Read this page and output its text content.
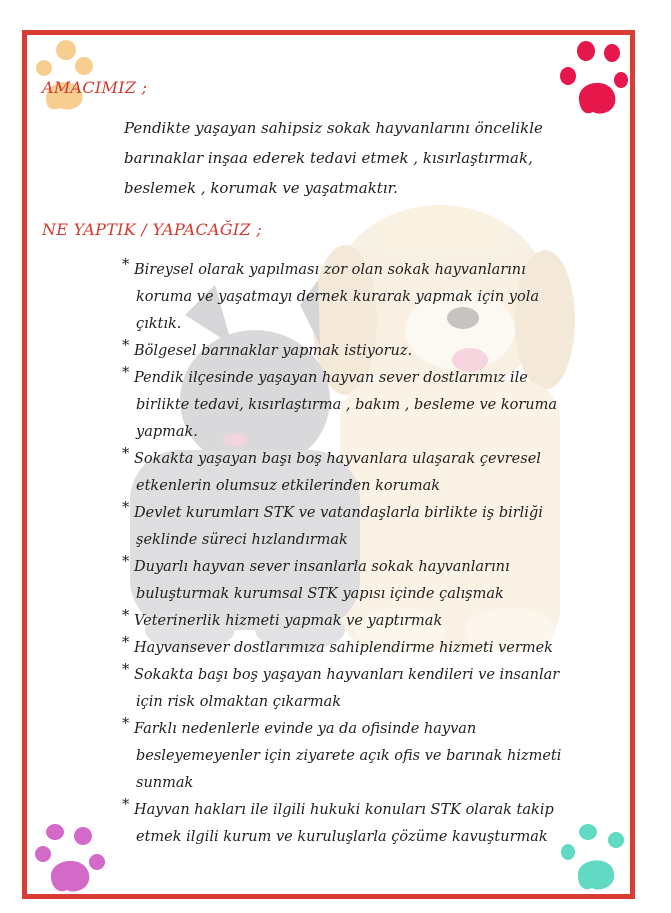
AMACIMIZ ;

Pendikte yaşayan sahipsiz sokak hayvanlarını öncelikle
barınaklar inşaa ederek tedavi etmek , kısırlaştırmak,
beslemek , korumak ve yaşatmaktır.

NE YAPTIK / YAPACAĞIZ ;
* Bireysel olarak yapılması zor olan sokak hayvanlarını
koruma ve yaşatmayı dernek kurarak yapmak için yola
çıktık.
* Bölgesel barınaklar yapmak istiyoruz.
* Pendik ilçesinde yaşayan hayvan sever dostlarımız ile
birlikte tedavi, kısırlaştırma , bakım , besleme ve koruma
yapmak.
* Sokakta yaşayan başı boş hayvanlara ulaşarak çevresel
etkenlerin olumsuz etkilerinden korumak
* Devlet kurumları STK ve vatandaşlarla birlikte iş birliği
şeklinde süreci hızlandırmak
* Duyarlı hayvan sever insanlarla sokak hayvanlarını
buluşturmak kurumsal STK yapısı içinde çalışmak
* Veterinerlik hizmeti yapmak ve yaptırmak
* Hayvansever dostlarımıza sahiplendirme hizmeti vermek
* Sokakta başı boş yaşayan hayvanları kendileri ve insanlar
için risk olmaktan çıkarmak
* Farklı nedenlerle evinde ya da ofisinde hayvan
besleyemeyenler için ziyarete açık ofis ve barınak hizmeti
sunmak
* Hayvan hakları ile ilgili hukuki konuları STK olarak takip
etmek ilgili kurum ve kuruluşlarla çözüme kavuşturmak
